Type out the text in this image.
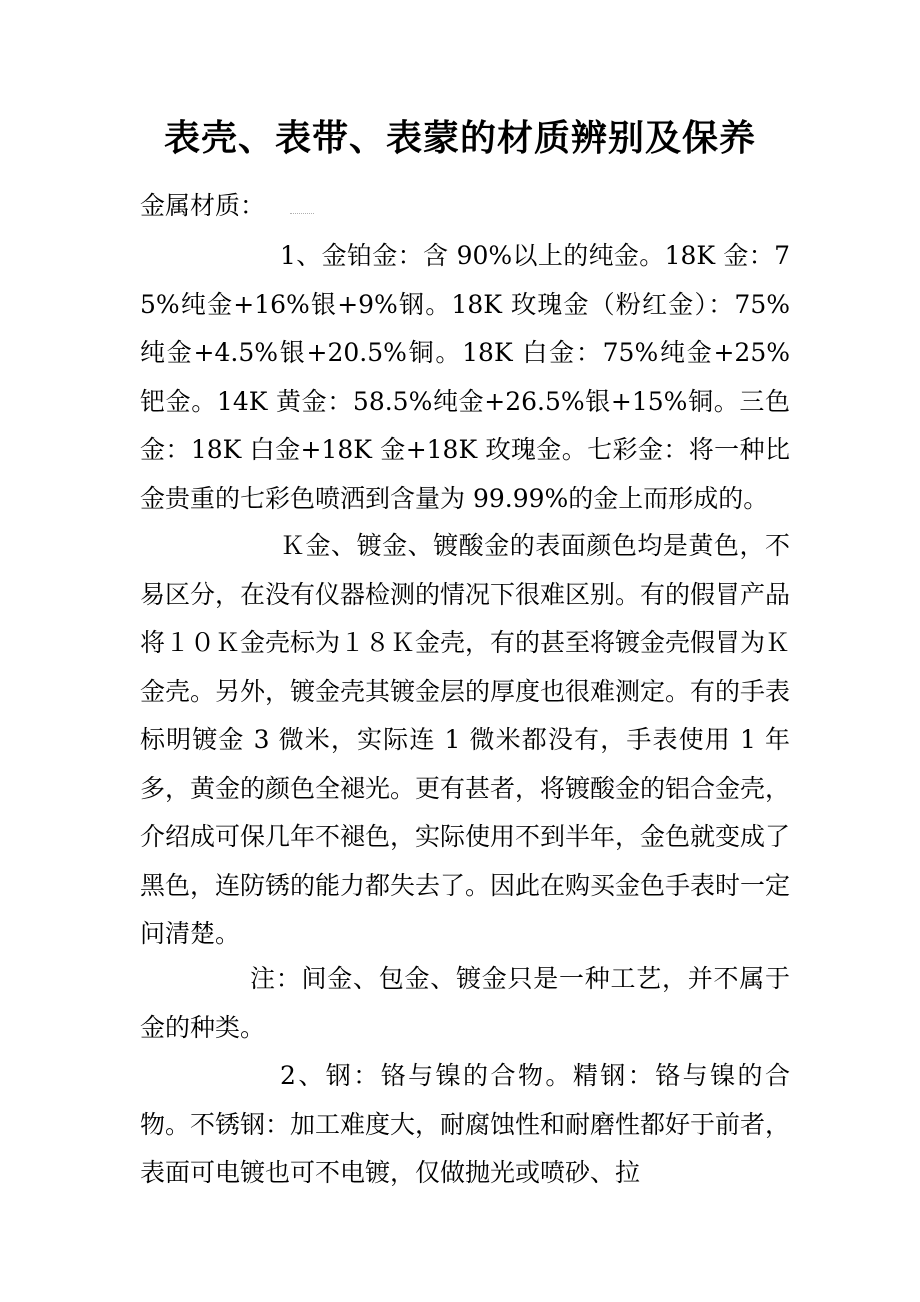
表壳、表带、表蒙的材质辨别及保养

金属材质：

1、金铂金：含 90%以上的纯金。18K 金：75%纯金+16%银+9%钢。18K 玫瑰金（粉红金）：75%纯金+4.5%银+20.5%铜。18K 白金：75%纯金+25%钯金。14K 黄金：58.5%纯金+26.5%银+15%铜。三色金：18K 白金+18K 金+18K 玫瑰金。七彩金：将一种比金贵重的七彩色喷洒到含量为 99.99%的金上而形成的。

Ｋ金、镀金、镀酸金的表面颜色均是黄色，不易区分，在没有仪器检测的情况下很难区别。有的假冒产品将１０Ｋ金壳标为１８Ｋ金壳，有的甚至将镀金壳假冒为Ｋ金壳。另外，镀金壳其镀金层的厚度也很难测定。有的手表标明镀金 3 微米，实际连 1 微米都没有，手表使用 1 年多，黄金的颜色全褪光。更有甚者，将镀酸金的铝合金壳，介绍成可保几年不褪色，实际使用不到半年，金色就变成了黑色，连防锈的能力都失去了。因此在购买金色手表时一定问清楚。

注：间金、包金、镀金只是一种工艺，并不属于金的种类。

2、钢：铬与镍的合物。精钢：铬与镍的合物。不锈钢：加工难度大，耐腐蚀性和耐磨性都好于前者，表面可电镀也可不电镀，仅做抛光或喷砂、拉
